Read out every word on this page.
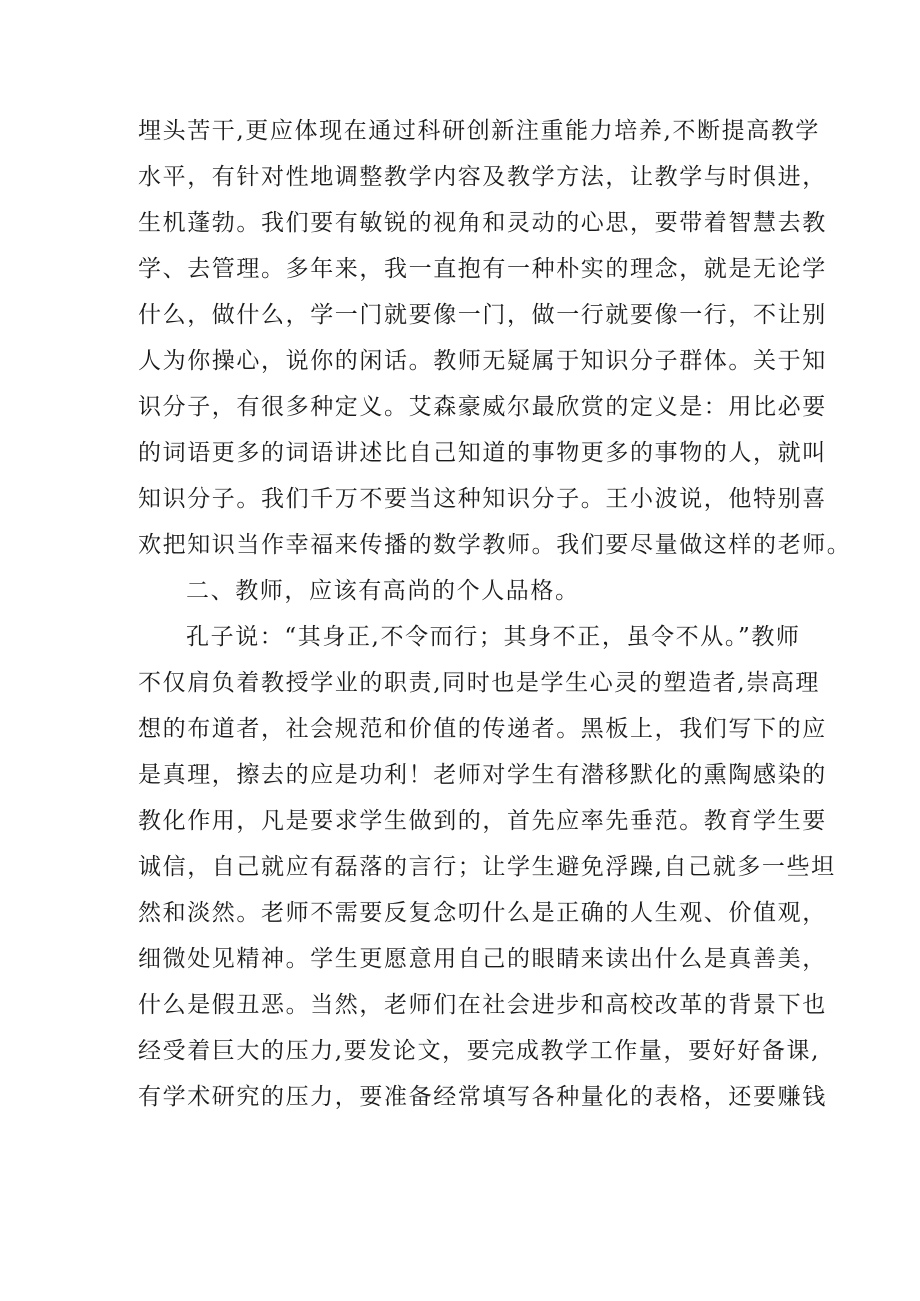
埋头苦干,更应体现在通过科研创新注重能力培养,不断提高教学
水平，有针对性地调整教学内容及教学方法，让教学与时俱进，
生机蓬勃。我们要有敏锐的视角和灵动的心思，要带着智慧去教
学、去管理。多年来，我一直抱有一种朴实的理念，就是无论学
什么，做什么，学一门就要像一门，做一行就要像一行，不让别
人为你操心，说你的闲话。教师无疑属于知识分子群体。关于知
识分子，有很多种定义。艾森豪威尔最欣赏的定义是：用比必要
的词语更多的词语讲述比自己知道的事物更多的事物的人，就叫
知识分子。我们千万不要当这种知识分子。王小波说，他特别喜
欢把知识当作幸福来传播的数学教师。我们要尽量做这样的老师。
二、教师，应该有高尚的个人品格。
孔子说：“其身正,不令而行；其身不正，虽令不从。”教师
不仅肩负着教授学业的职责,同时也是学生心灵的塑造者,崇高理
想的布道者，社会规范和价值的传递者。黑板上，我们写下的应
是真理，擦去的应是功利！老师对学生有潜移默化的熏陶感染的
教化作用，凡是要求学生做到的，首先应率先垂范。教育学生要
诚信，自己就应有磊落的言行；让学生避免浮躁,自己就多一些坦
然和淡然。老师不需要反复念叨什么是正确的人生观、价值观，
细微处见精神。学生更愿意用自己的眼睛来读出什么是真善美，
什么是假丑恶。当然，老师们在社会进步和高校改革的背景下也
经受着巨大的压力,要发论文，要完成教学工作量，要好好备课,
有学术研究的压力，要准备经常填写各种量化的表格，还要赚钱
